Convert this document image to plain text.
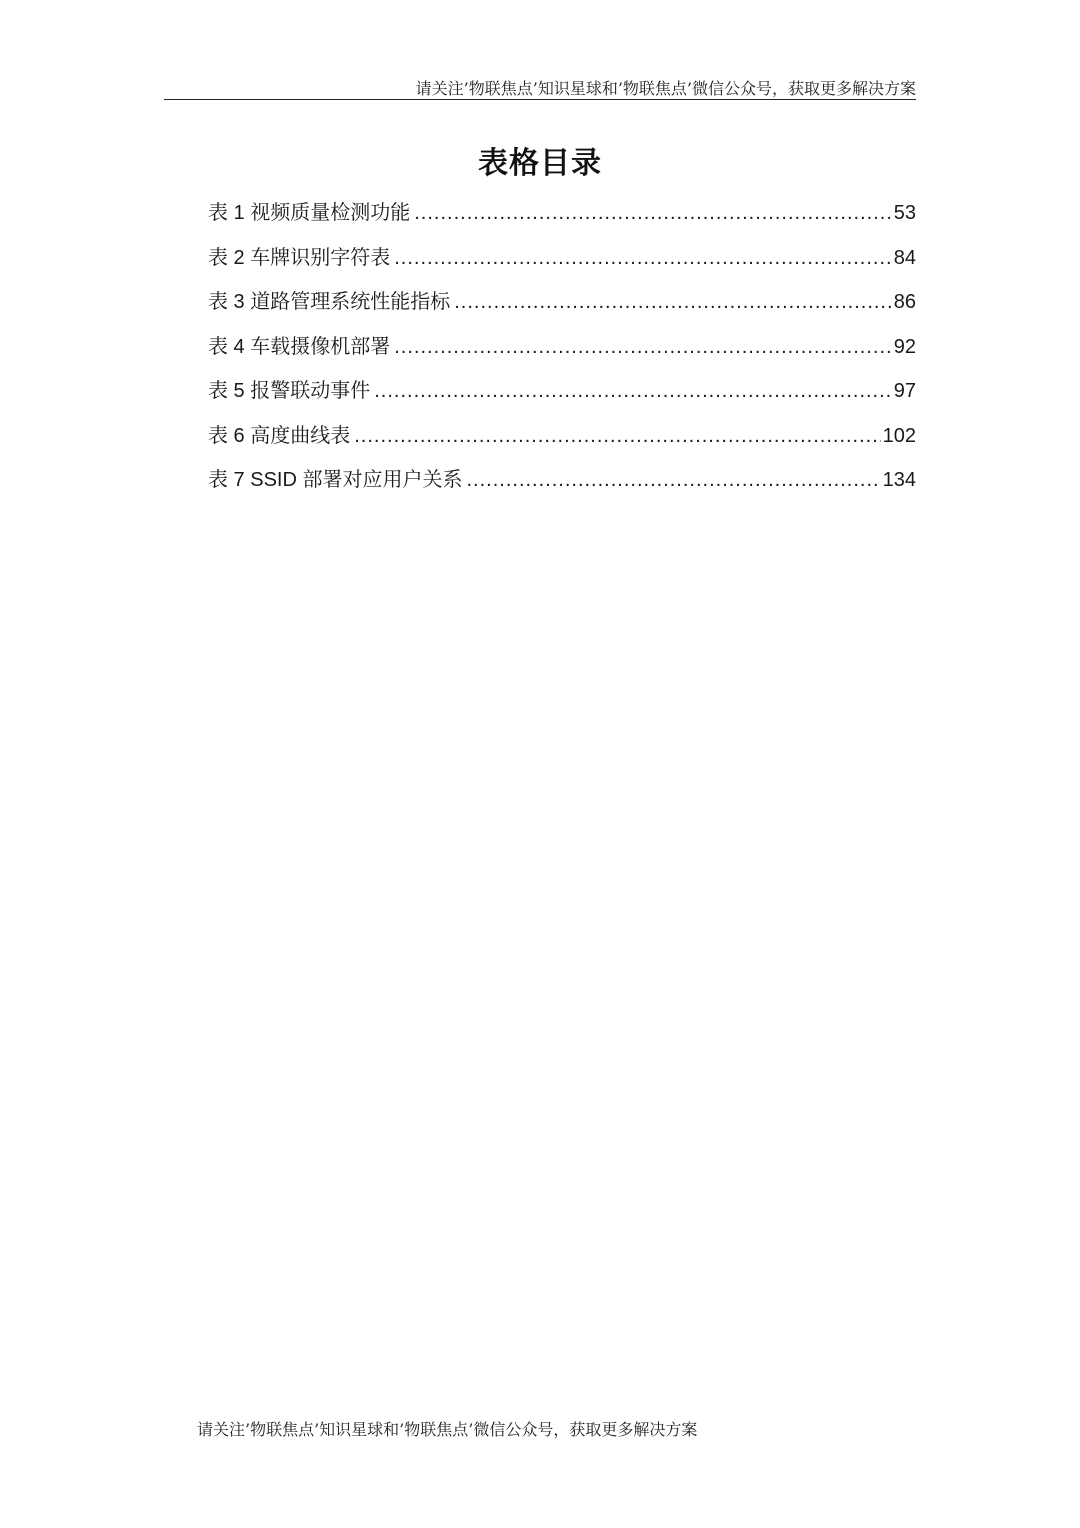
请关注’物联焦点’知识星球和’物联焦点’微信公众号，获取更多解决方案
表格目录
表 1 视频质量检测功能 .....	53
表 2 车牌识别字符表 .....	84
表 3 道路管理系统性能指标 .....	86
表 4 车载摄像机部署 .....	92
表 5 报警联动事件 .....	97
表 6 高度曲线表 .....	102
表 7 SSID 部署对应用户关系 .....	134
请关注’物联焦点’知识星球和’物联焦点’微信公众号，获取更多解决方案
